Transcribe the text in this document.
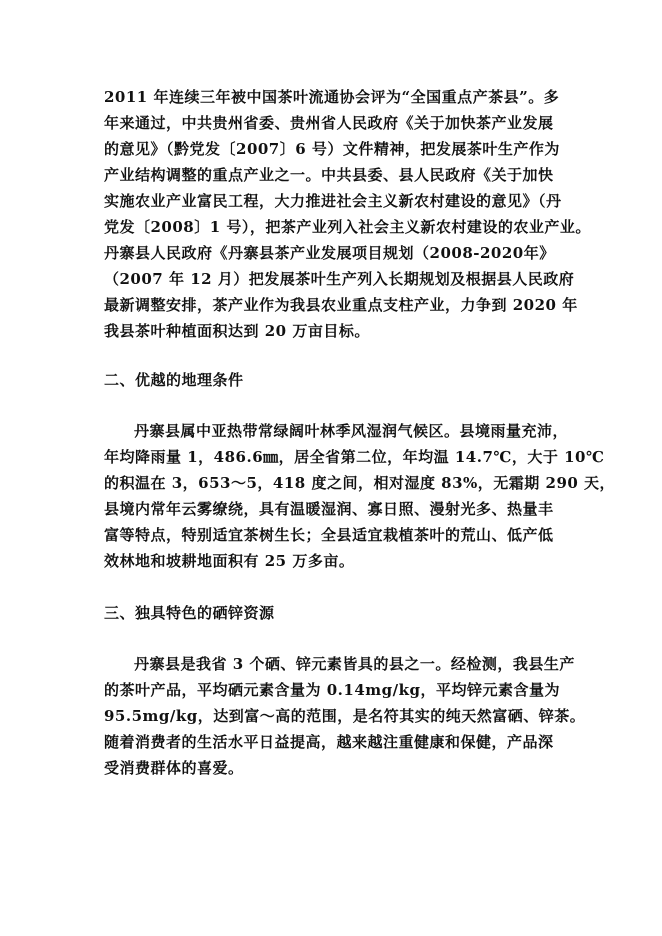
2011 年连续三年被中国茶叶流通协会评为“全国重点产茶县”。多
年来通过，中共贵州省委、贵州省人民政府《关于加快茶产业发展
的意见》（黔党发〔2007〕6 号）文件精神，把发展茶叶生产作为
产业结构调整的重点产业之一。中共县委、县人民政府《关于加快
实施农业产业富民工程，大力推进社会主义新农村建设的意见》（丹
党发〔2008〕1 号），把茶产业列入社会主义新农村建设的农业产业。
丹寨县人民政府《丹寨县茶产业发展项目规划（2008-2020年》
（2007 年 12 月）把发展茶叶生产列入长期规划及根据县人民政府
最新调整安排，茶产业作为我县农业重点支柱产业，力争到 2020 年
我县茶叶种植面积达到 20 万亩目标。
二、优越的地理条件
丹寨县属中亚热带常绿阔叶林季风湿润气候区。县境雨量充沛，
年均降雨量 1，486.6㎜，居全省第二位，年均温 14.7℃，大于 10℃
的积温在 3，653～5，418 度之间，相对湿度 83%，无霜期 290 天，
县境内常年云雾缭绕，具有温暖湿润、寡日照、漫射光多、热量丰
富等特点，特别适宜茶树生长；全县适宜栽植茶叶的荒山、低产低
效林地和坡耕地面积有 25 万多亩。
三、独具特色的硒锌资源
丹寨县是我省 3 个硒、锌元素皆具的县之一。经检测，我县生产
的茶叶产品，平均硒元素含量为 0.14mg/kg，平均锌元素含量为
95.5mg/kg，达到富～高的范围，是名符其实的纯天然富硒、锌茶。
随着消费者的生活水平日益提高，越来越注重健康和保健，产品深
受消费群体的喜爱。
